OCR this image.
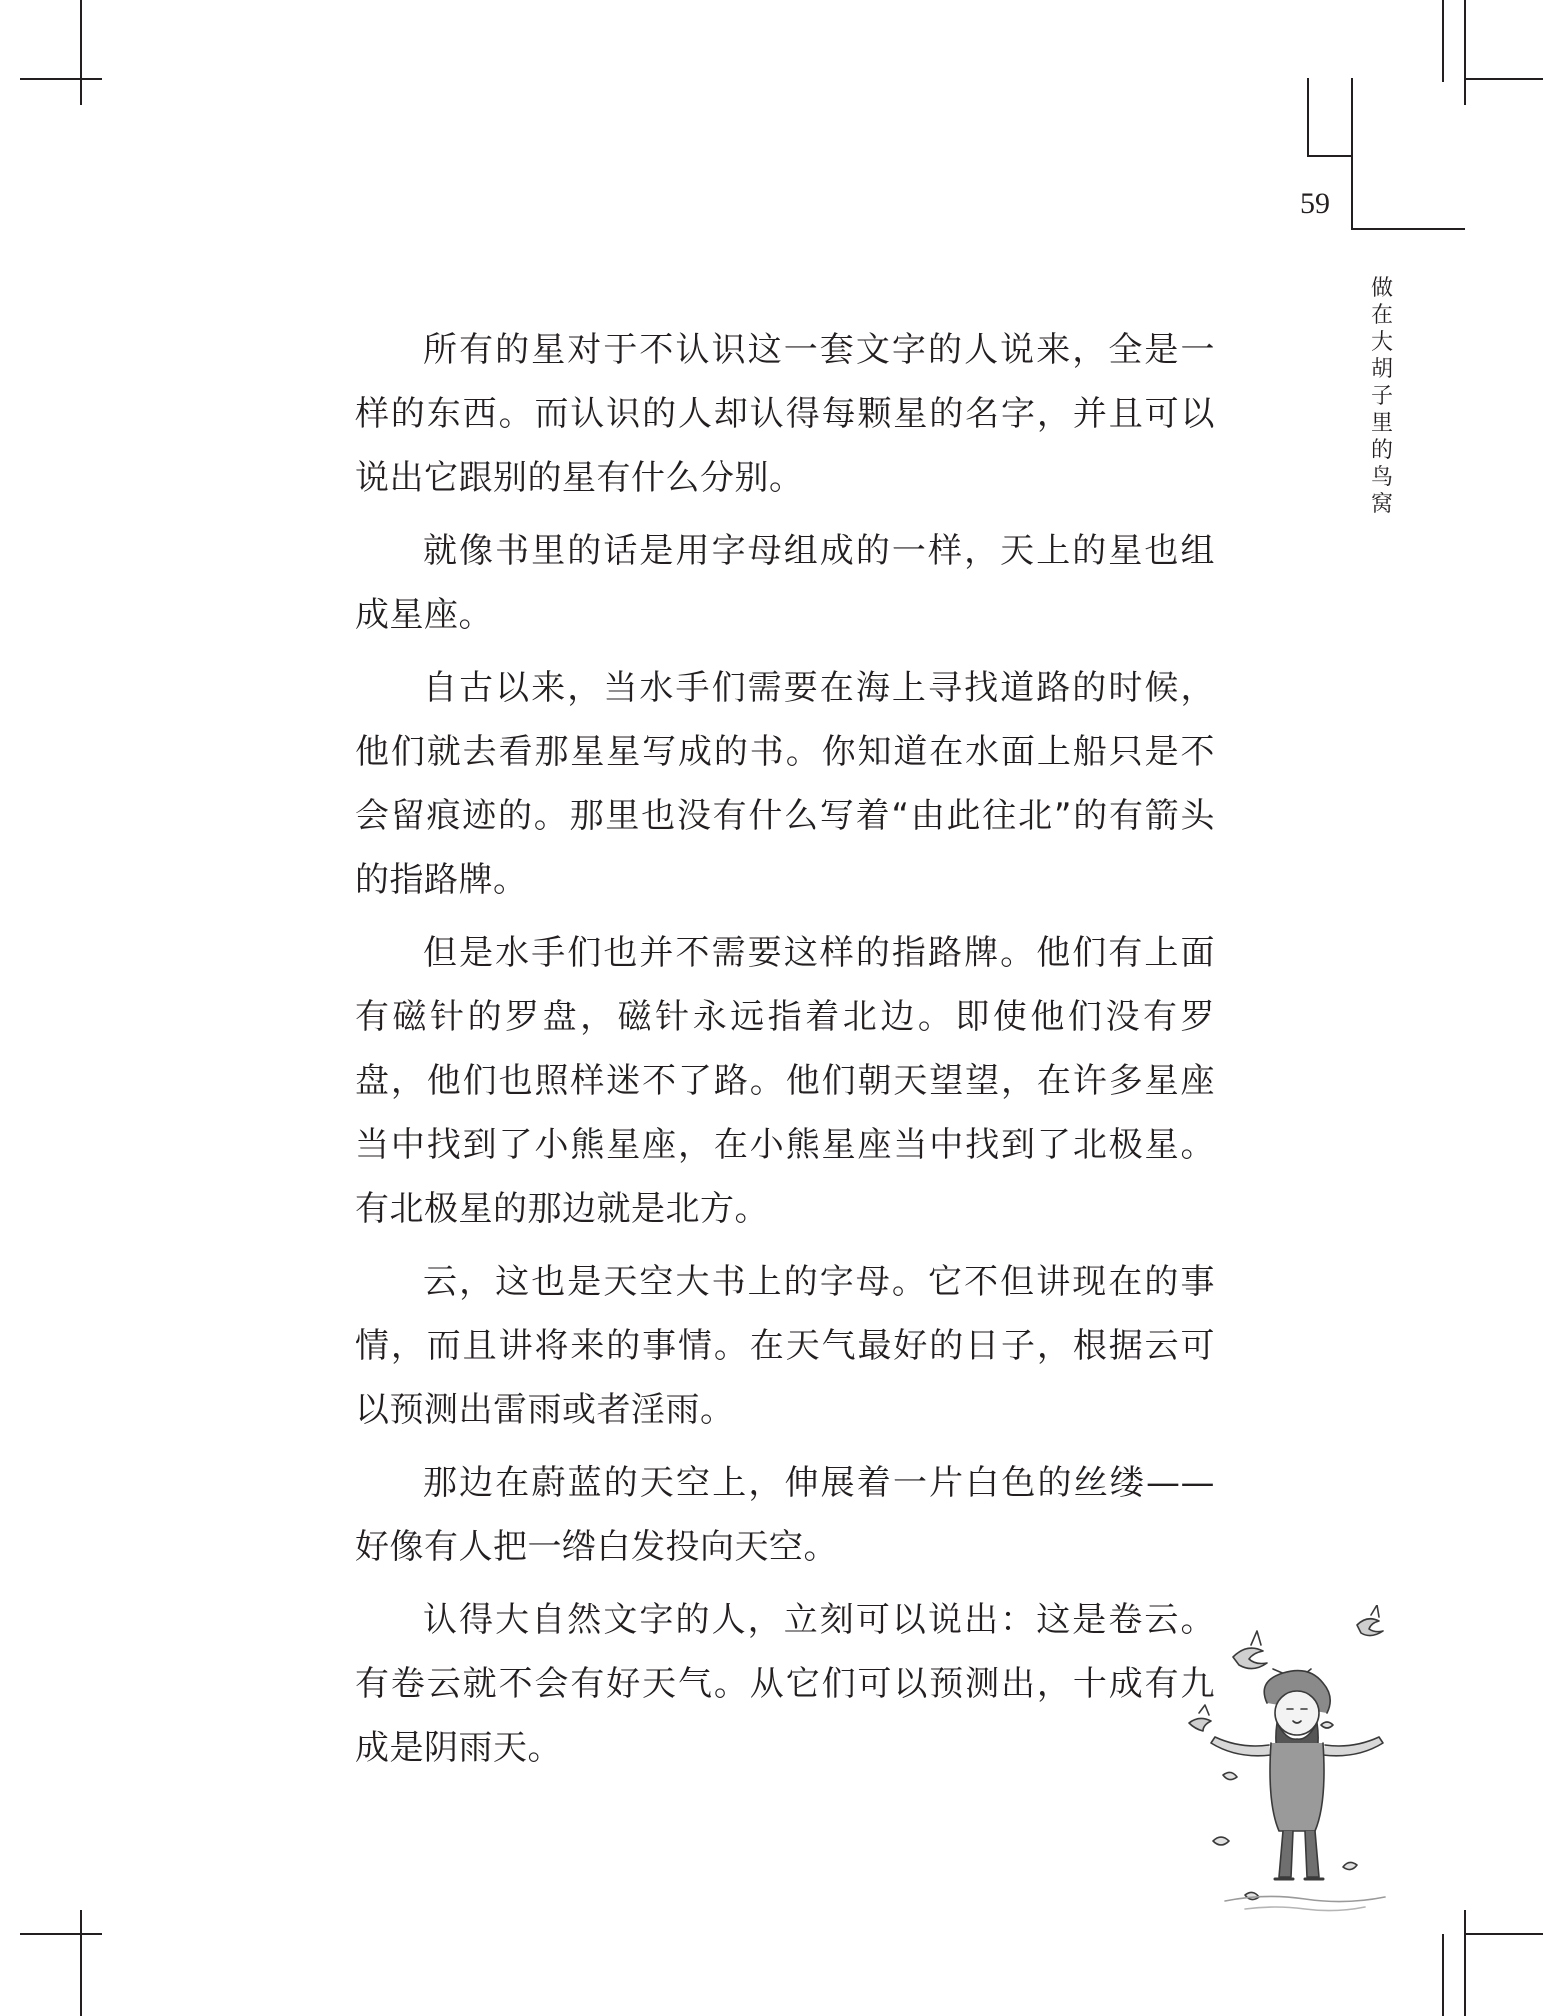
59
做在大胡子里的鸟窝

所有的星对于不认识这一套文字的人说来，全是一样的东西。而认识的人却认得每颗星的名字，并且可以说出它跟别的星有什么分别。

就像书里的话是用字母组成的一样，天上的星也组成星座。

自古以来，当水手们需要在海上寻找道路的时候，他们就去看那星星写成的书。你知道在水面上船只是不会留痕迹的。那里也没有什么写着“由此往北”的有箭头的指路牌。

但是水手们也并不需要这样的指路牌。他们有上面有磁针的罗盘，磁针永远指着北边。即使他们没有罗盘，他们也照样迷不了路。他们朝天望望，在许多星座当中找到了小熊星座，在小熊星座当中找到了北极星。有北极星的那边就是北方。

云，这也是天空大书上的字母。它不但讲现在的事情，而且讲将来的事情。在天气最好的日子，根据云可以预测出雷雨或者淫雨。

那边在蔚蓝的天空上，伸展着一片白色的丝缕——好像有人把一绺白发投向天空。

认得大自然文字的人，立刻可以说出：这是卷云。有卷云就不会有好天气。从它们可以预测出，十成有九成是阴雨天。
